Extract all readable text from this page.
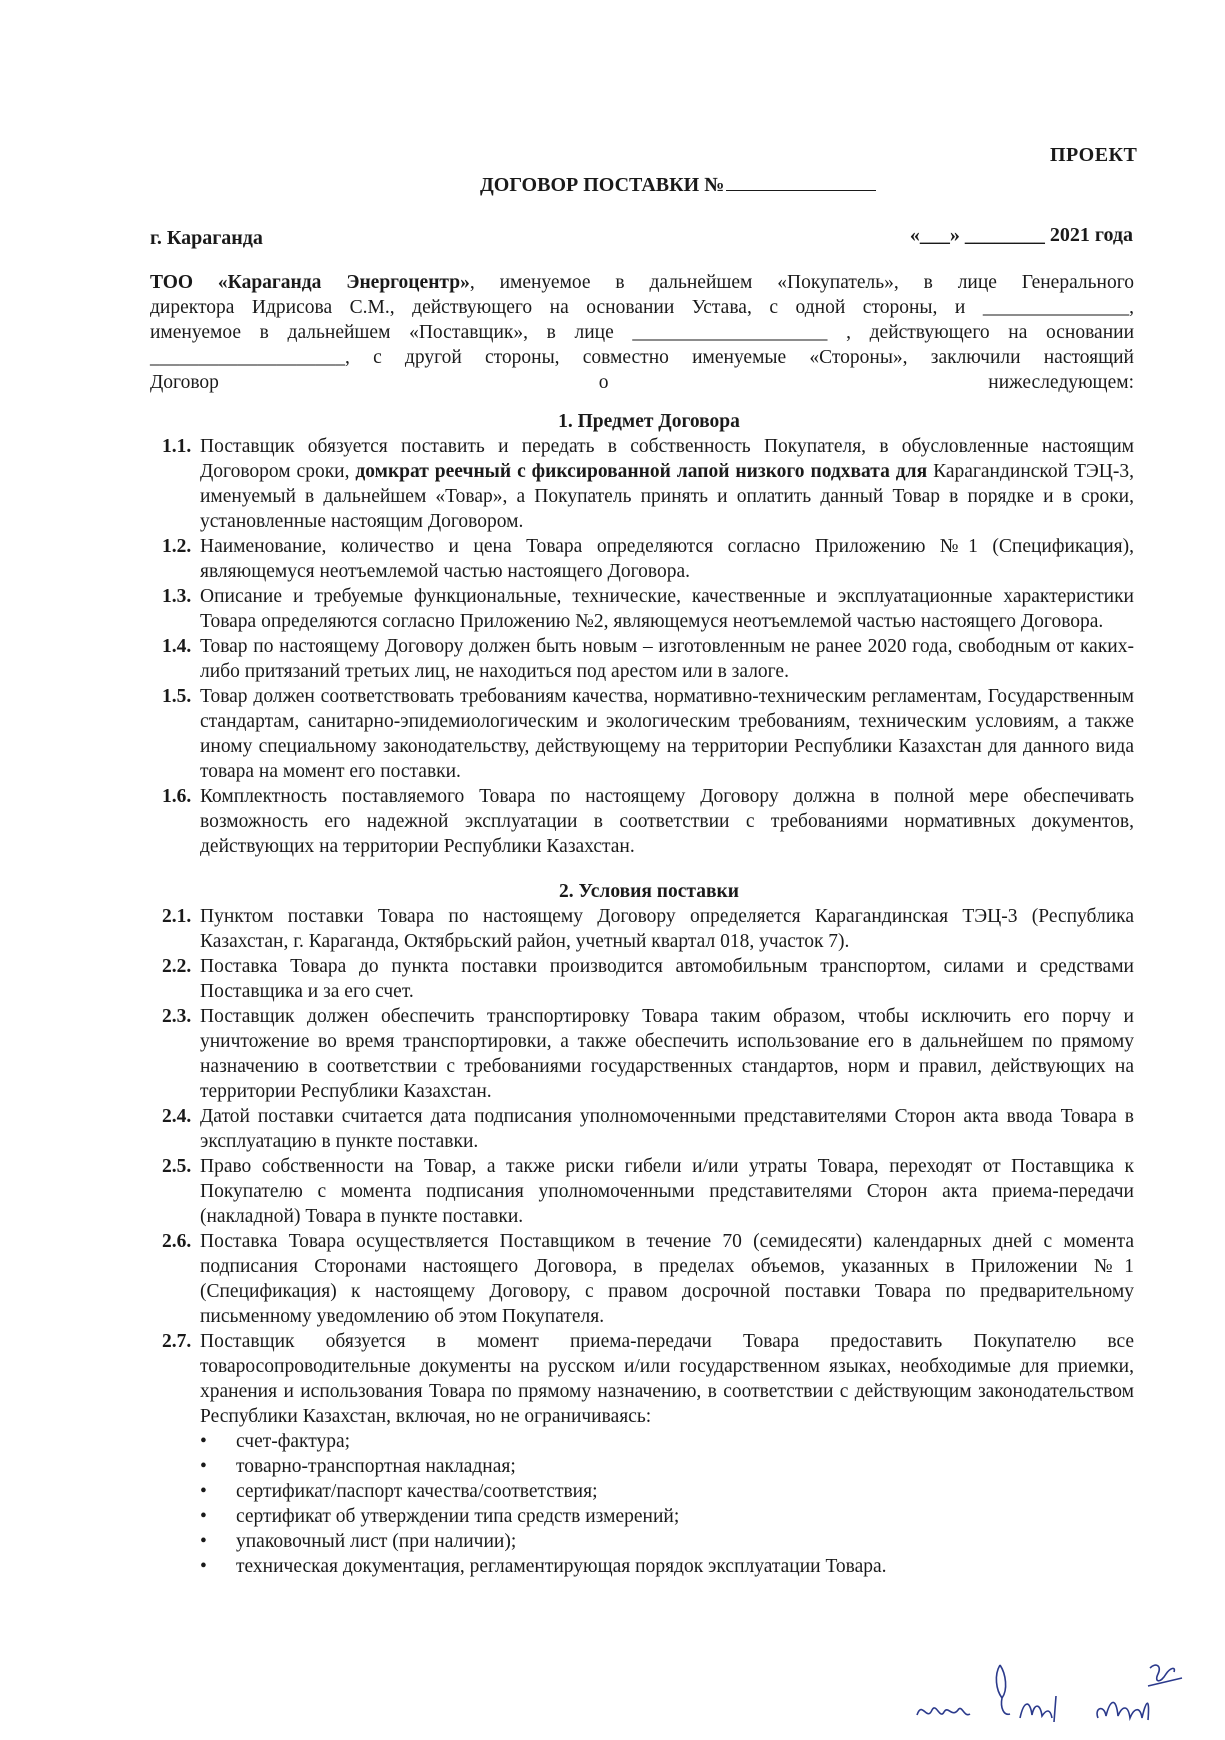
ПРОЕКТ
ДОГОВОР ПОСТАВКИ №
г. Караганда	«___» ________ 2021 года
ТОО «Караганда Энергоцентр», именуемое в дальнейшем «Покупатель», в лице Генерального
директора Идрисова С.М., действующего на основании Устава, с одной стороны, и _______________,
именуемое в дальнейшем «Поставщик», в лице ____________________ , действующего на основании
____________________, с другой стороны, совместно именуемые «Стороны», заключили настоящий
Договор о нижеследующем:
1. Предмет Договора
1.1. Поставщик обязуется поставить и передать в собственность Покупателя, в обусловленные настоящим Договором сроки, домкрат реечный с фиксированной лапой низкого подхвата для Карагандинской ТЭЦ-3, именуемый в дальнейшем «Товар», а Покупатель принять и оплатить данный Товар в порядке и в сроки, установленные настоящим Договором.
1.2. Наименование, количество и цена Товара определяются согласно Приложению №1 (Спецификация), являющемуся неотъемлемой частью настоящего Договора.
1.3. Описание и требуемые функциональные, технические, качественные и эксплуатационные характеристики Товара определяются согласно Приложению №2, являющемуся неотъемлемой частью настоящего Договора.
1.4. Товар по настоящему Договору должен быть новым – изготовленным не ранее 2020 года, свободным от каких-либо притязаний третьих лиц, не находиться под арестом или в залоге.
1.5. Товар должен соответствовать требованиям качества, нормативно-техническим регламентам, Государственным стандартам, санитарно-эпидемиологическим и экологическим требованиям, техническим условиям, а также иному специальному законодательству, действующему на территории Республики Казахстан для данного вида товара на момент его поставки.
1.6. Комплектность поставляемого Товара по настоящему Договору должна в полной мере обеспечивать возможность его надежной эксплуатации в соответствии с требованиями нормативных документов, действующих на территории Республики Казахстан.
2. Условия поставки
2.1. Пунктом поставки Товара по настоящему Договору определяется Карагандинская ТЭЦ-3 (Республика Казахстан, г. Караганда, Октябрьский район, учетный квартал 018, участок 7).
2.2. Поставка Товара до пункта поставки производится автомобильным транспортом, силами и средствами Поставщика и за его счет.
2.3. Поставщик должен обеспечить транспортировку Товара таким образом, чтобы исключить его порчу и уничтожение во время транспортировки, а также обеспечить использование его в дальнейшем по прямому назначению в соответствии с требованиями государственных стандартов, норм и правил, действующих на территории Республики Казахстан.
2.4. Датой поставки считается дата подписания уполномоченными представителями Сторон акта ввода Товара в эксплуатацию в пункте поставки.
2.5. Право собственности на Товар, а также риски гибели и/или утраты Товара, переходят от Поставщика к Покупателю с момента подписания уполномоченными представителями Сторон акта приема-передачи (накладной) Товара в пункте поставки.
2.6. Поставка Товара осуществляется Поставщиком в течение 70 (семидесяти) календарных дней с момента подписания Сторонами настоящего Договора, в пределах объемов, указанных в Приложении №1 (Спецификация) к настоящему Договору, с правом досрочной поставки Товара по предварительному письменному уведомлению об этом Покупателя.
2.7. Поставщик обязуется в момент приема-передачи Товара предоставить Покупателю все товаросопроводительные документы на русском и/или государственном языках, необходимые для приемки, хранения и использования Товара по прямому назначению, в соответствии с действующим законодательством Республики Казахстан, включая, но не ограничиваясь:
• счет-фактура;
• товарно-транспортная накладная;
• сертификат/паспорт качества/соответствия;
• сертификат об утверждении типа средств измерений;
• упаковочный лист (при наличии);
• техническая документация, регламентирующая порядок эксплуатации Товара.
